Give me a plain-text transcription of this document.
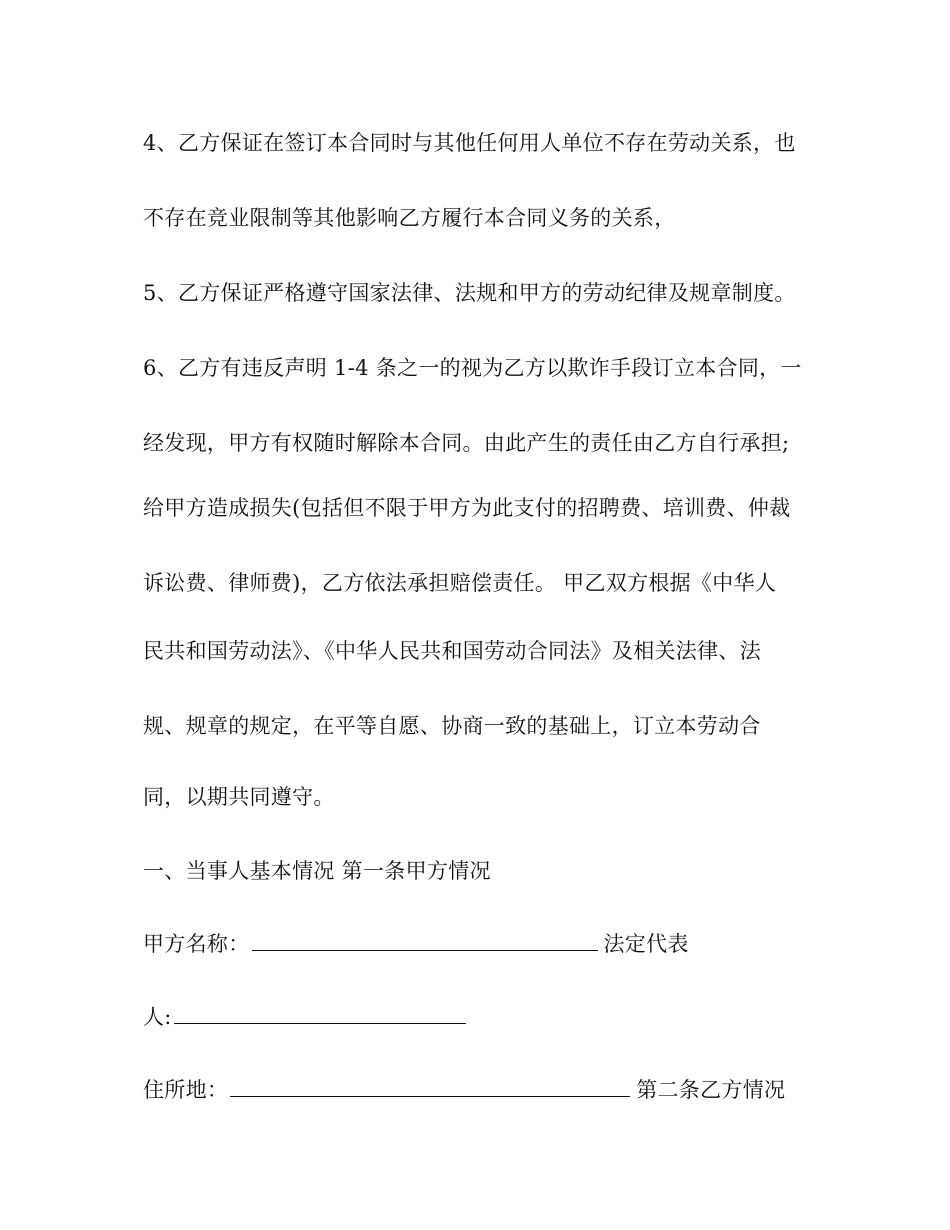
4、乙方保证在签订本合同时与其他任何用人单位不存在劳动关系，也

不存在竞业限制等其他影响乙方履行本合同义务的关系，

5、乙方保证严格遵守国家法律、法规和甲方的劳动纪律及规章制度。

6、乙方有违反声明 1-4 条之一的视为乙方以欺诈手段订立本合同，一

经发现，甲方有权随时解除本合同。由此产生的责任由乙方自行承担;

给甲方造成损失(包括但不限于甲方为此支付的招聘费、培训费、仲裁

诉讼费、律师费)，乙方依法承担赔偿责任。 甲乙双方根据《中华人

民共和国劳动法》、《中华人民共和国劳动合同法》及相关法律、法

规、规章的规定，在平等自愿、协商一致的基础上，订立本劳动合

同，以期共同遵守。

一、当事人基本情况 第一条甲方情况

甲方名称：	法定代表

人:

住所地：	第二条乙方情况
